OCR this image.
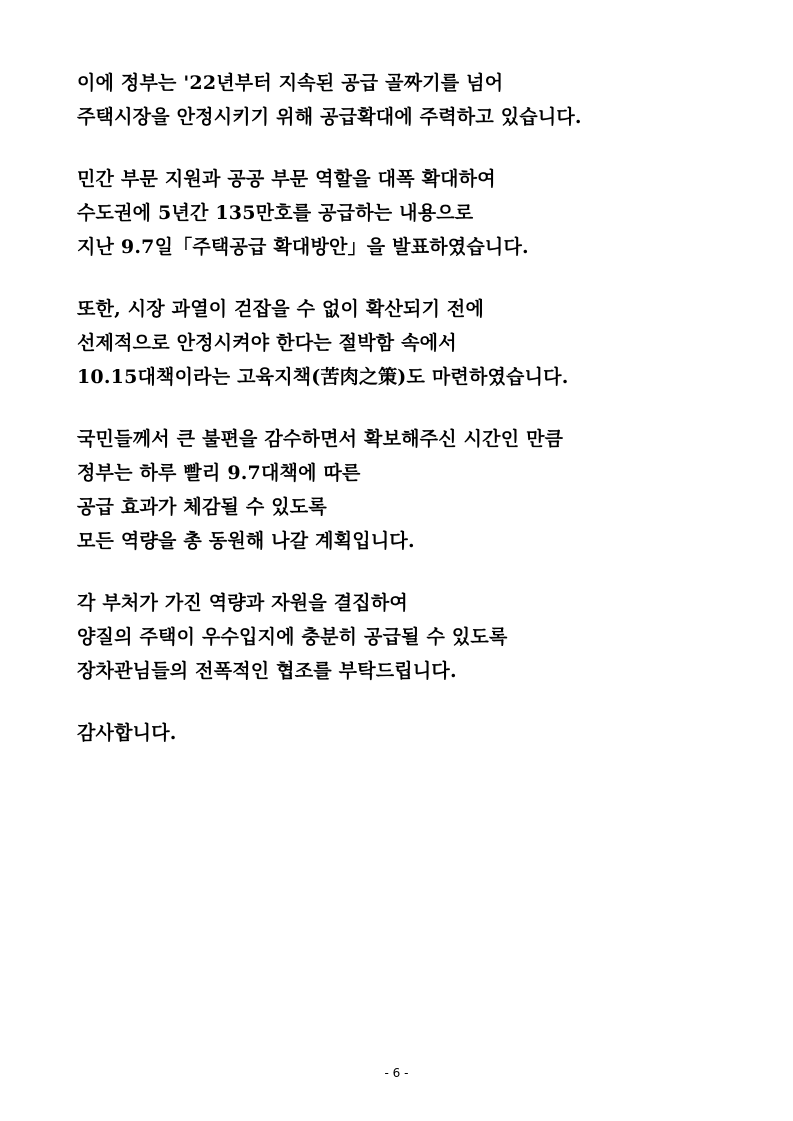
이에 정부는 '22년부터 지속된 공급 골짜기를 넘어
주택시장을 안정시키기 위해 공급확대에 주력하고 있습니다.
민간 부문 지원과 공공 부문 역할을 대폭 확대하여
수도권에 5년간 135만호를 공급하는 내용으로
지난 9.7일「주택공급 확대방안」을 발표하였습니다.
또한, 시장 과열이 걷잡을 수 없이 확산되기 전에
선제적으로 안정시켜야 한다는 절박함 속에서
10.15대책이라는 고육지책(苦肉之策)도 마련하였습니다.
국민들께서 큰 불편을 감수하면서 확보해주신 시간인 만큼
정부는 하루 빨리 9.7대책에 따른
공급 효과가 체감될 수 있도록
모든 역량을 총 동원해 나갈 계획입니다.
각 부처가 가진 역량과 자원을 결집하여
양질의 주택이 우수입지에 충분히 공급될 수 있도록
장차관님들의 전폭적인 협조를 부탁드립니다.
감사합니다.
- 6 -
